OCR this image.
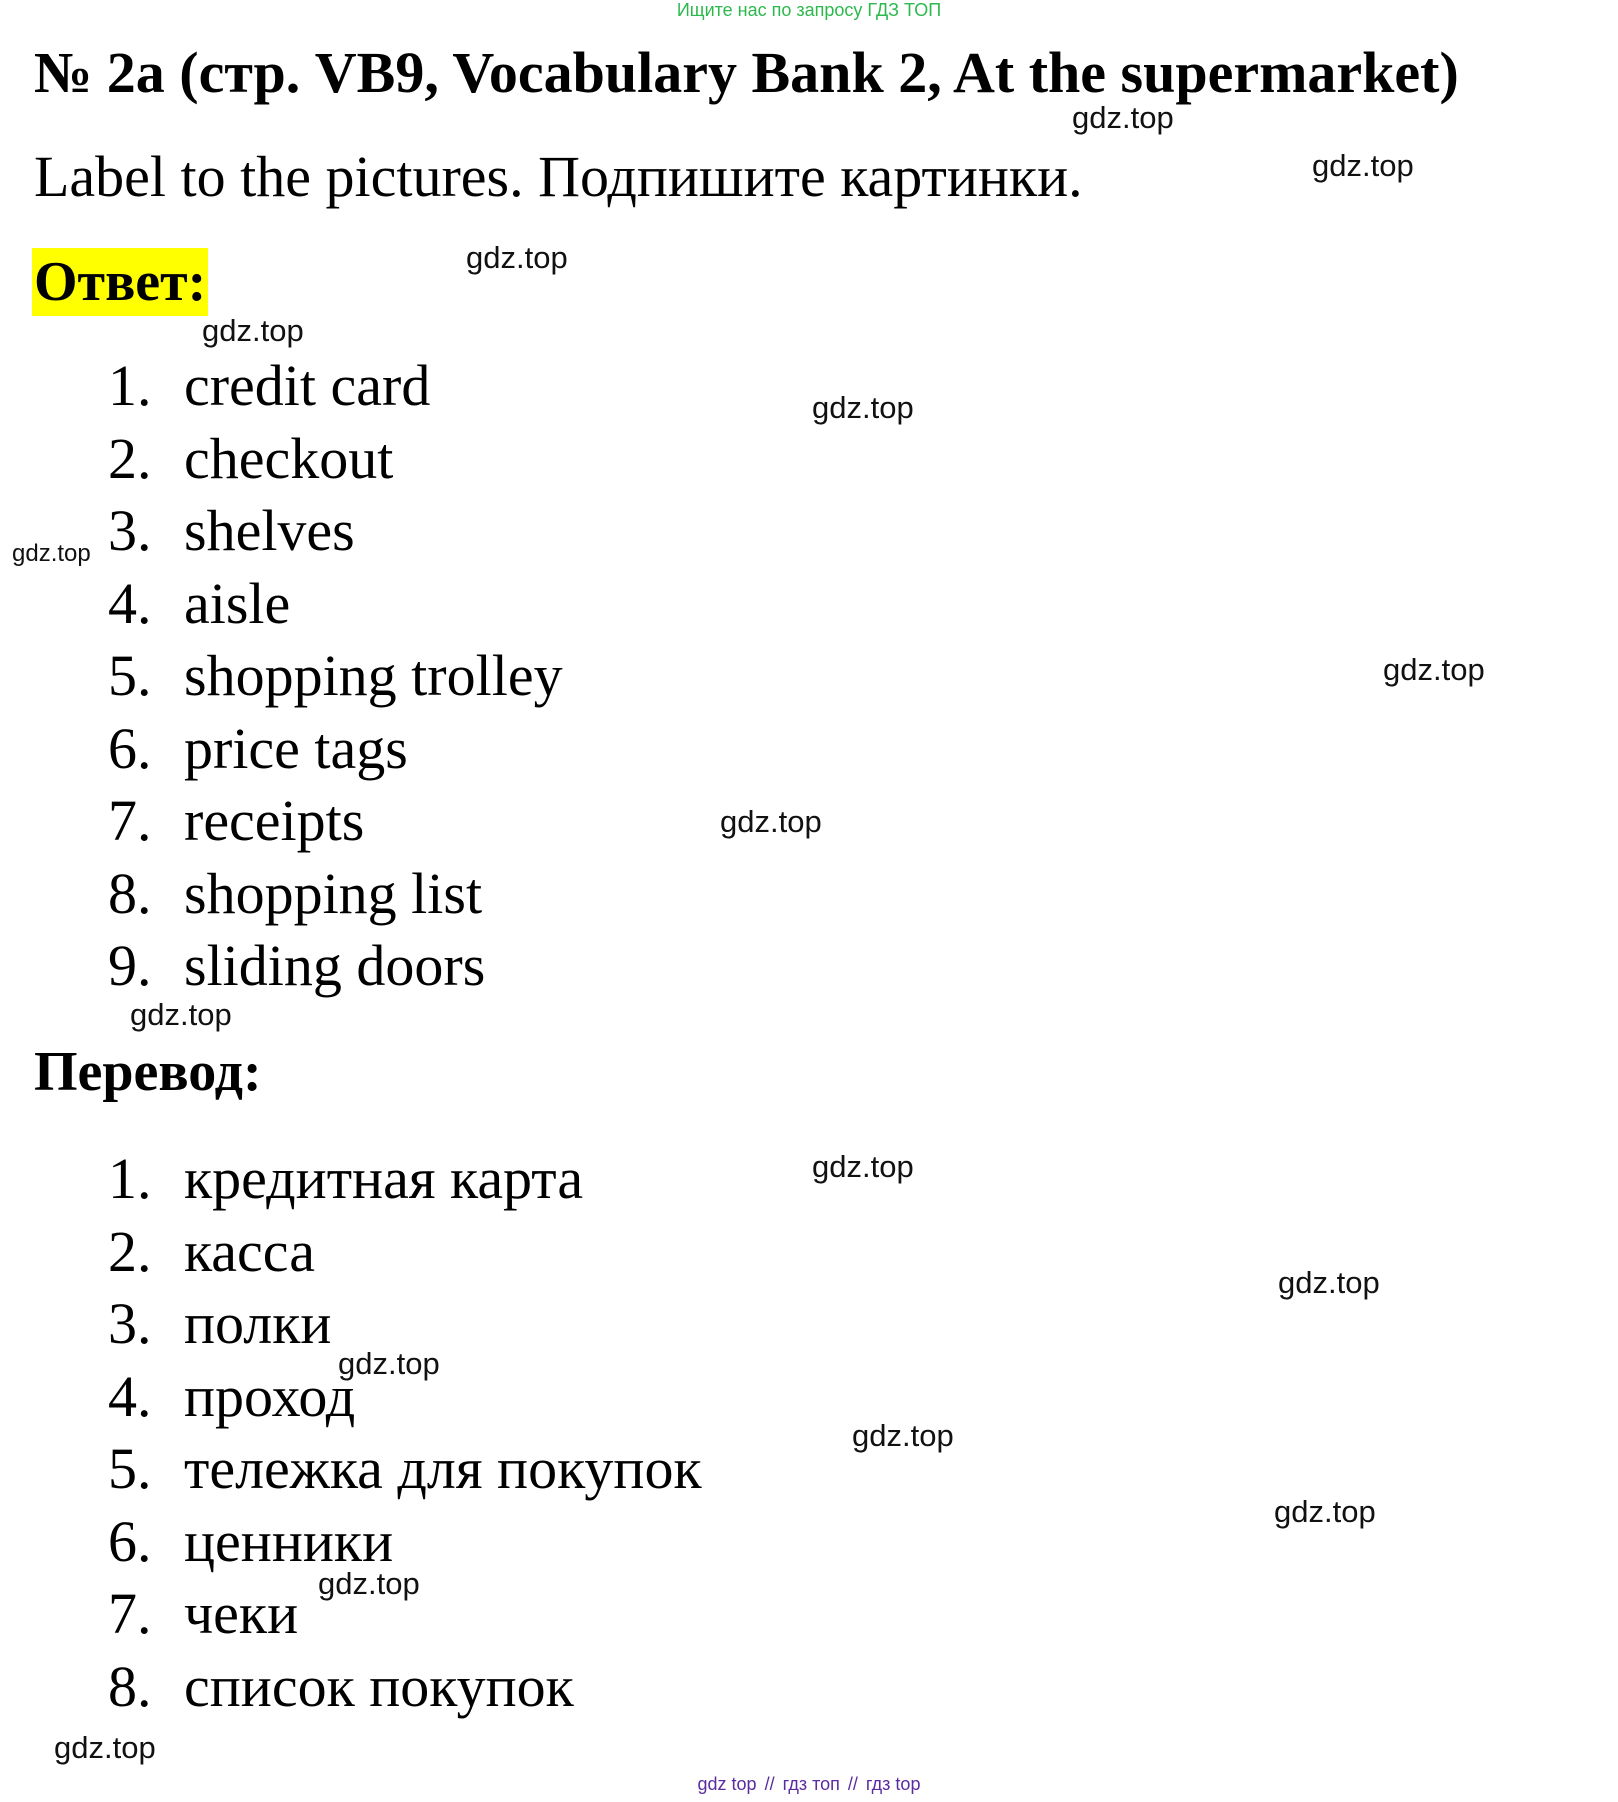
Ищите нас по запросу ГДЗ ТОП
№ 2a (стр. VB9, Vocabulary Bank 2, At the supermarket)
Label to the pictures. Подпишите картинки.
Ответ:
1. credit card
2. checkout
3. shelves
4. aisle
5. shopping trolley
6. price tags
7. receipts
8. shopping list
9. sliding doors
Перевод:
1. кредитная карта
2. касса
3. полки
4. проход
5. тележка для покупок
6. ценники
7. чеки
8. список покупок
gdz.top
gdz.top
gdz.top
gdz.top
gdz.top
gdz.top
gdz.top
gdz.top
gdz.top
gdz.top
gdz.top
gdz.top
gdz.top
gdz.top
gdz.top
gdz.top
gdz top // гдз топ // гдз top
